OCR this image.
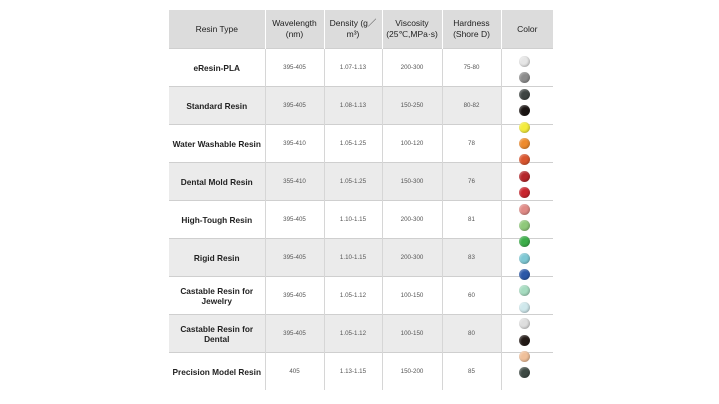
Resin Type	Wavelength (nm)	Density (g／m³)	Viscosity (25℃,MPa·s)	Hardness (Shore D)	Color
eResin-PLA	395-405	1.07-1.13	200-300	75-80	
Standard Resin	395-405	1.08-1.13	150-250	80-82	
Water Washable Resin	395-410	1.05-1.25	100-120	78	
Dental Mold Resin	355-410	1.05-1.25	150-300	76	
High-Tough Resin	395-405	1.10-1.15	200-300	81	
Rigid Resin	395-405	1.10-1.15	200-300	83	
Castable Resin for Jewelry	395-405	1.05-1.12	100-150	60	
Castable Resin for Dental	395-405	1.05-1.12	100-150	80	
Precision Model Resin	405	1.13-1.15	150-200	85	
